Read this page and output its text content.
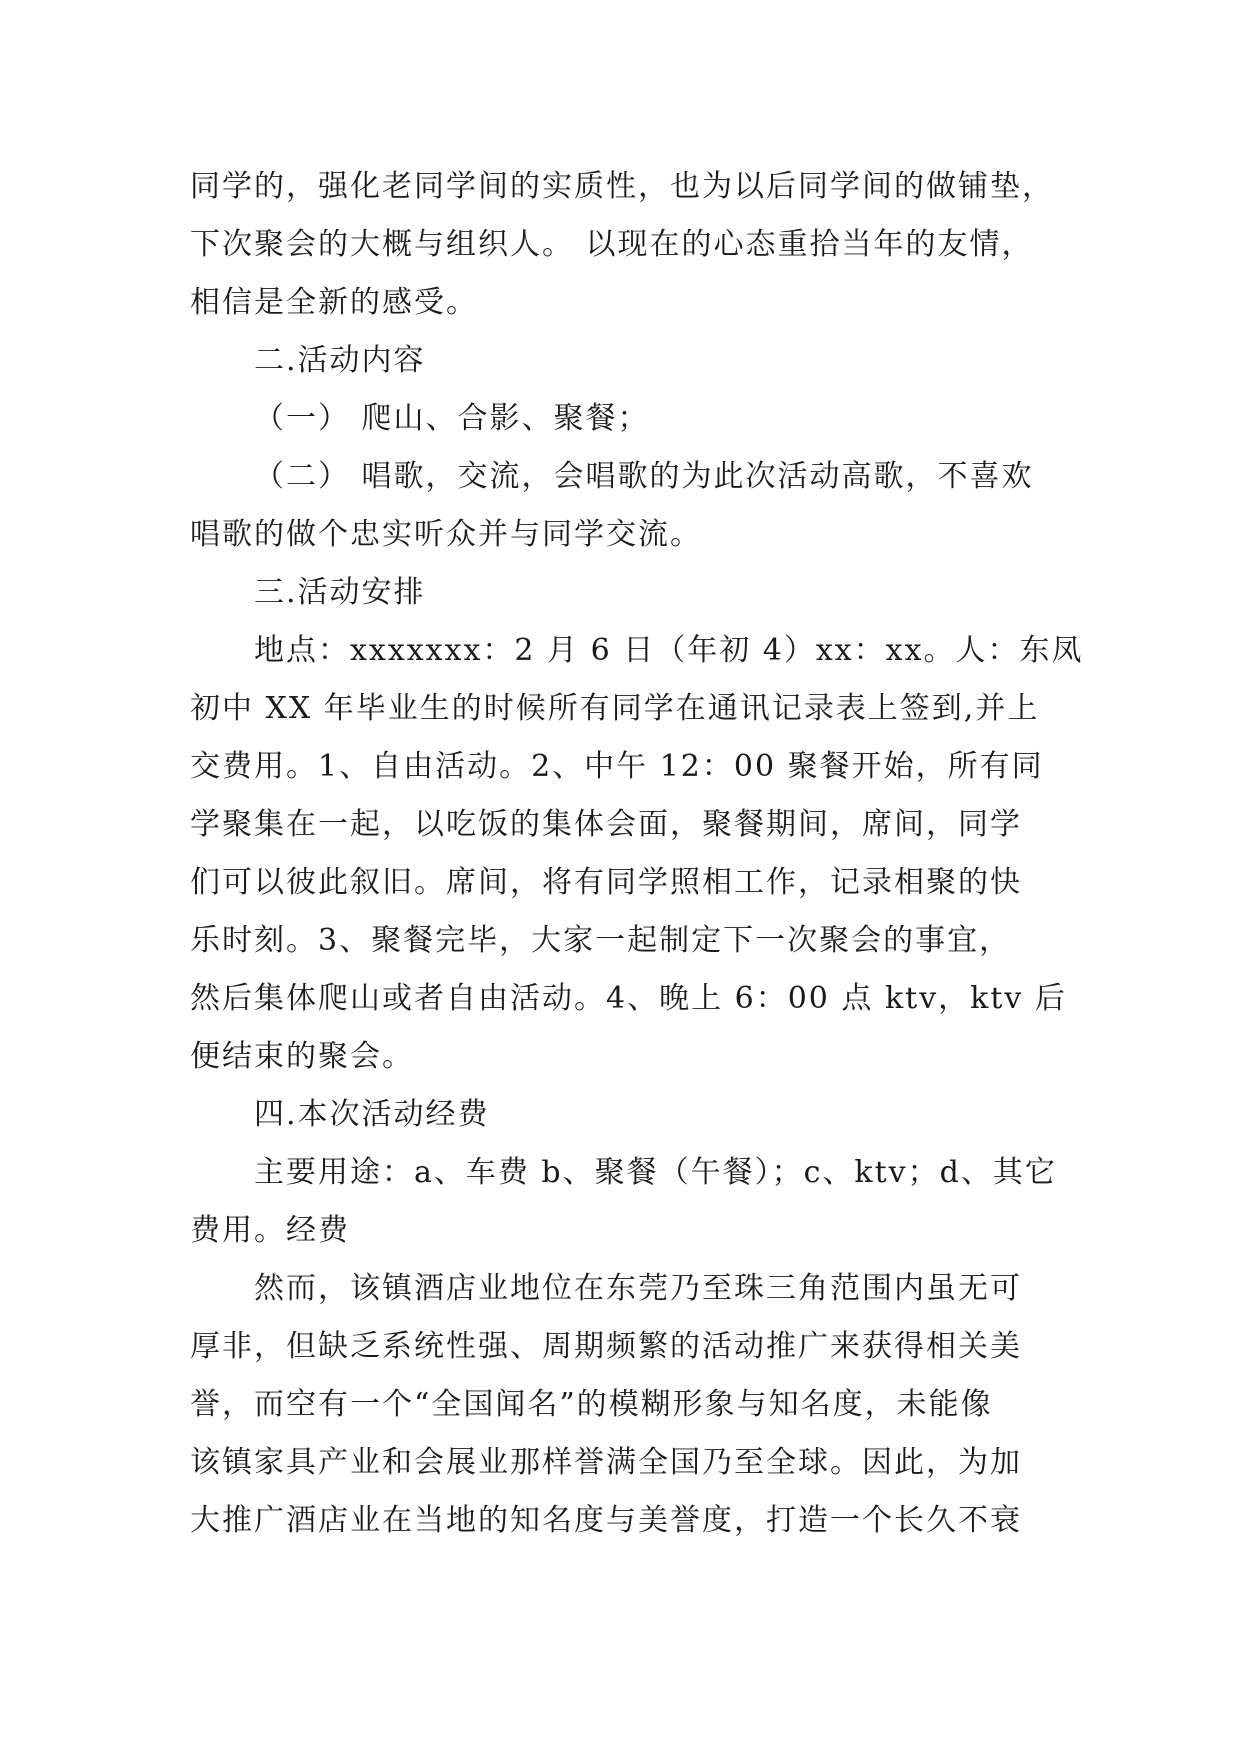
同学的，强化老同学间的实质性，也为以后同学间的做铺垫，
下次聚会的大概与组织人。 以现在的心态重拾当年的友情，
相信是全新的感受。
二.活动内容
（一） 爬山、合影、聚餐；
（二） 唱歌，交流，会唱歌的为此次活动高歌，不喜欢
唱歌的做个忠实听众并与同学交流。
三.活动安排
地点：xxxxxxx：2 月 6 日（年初 4）xx：xx。人：东凤
初中 XX 年毕业生的时候所有同学在通讯记录表上签到,并上
交费用。1、自由活动。2、中午 12：00 聚餐开始，所有同
学聚集在一起，以吃饭的集体会面，聚餐期间，席间，同学
们可以彼此叙旧。席间，将有同学照相工作，记录相聚的快
乐时刻。3、聚餐完毕，大家一起制定下一次聚会的事宜，
然后集体爬山或者自由活动。4、晚上 6：00 点 ktv，ktv 后
便结束的聚会。
四.本次活动经费
主要用途：a、车费 b、聚餐（午餐）；c、ktv；d、其它
费用。经费
然而，该镇酒店业地位在东莞乃至珠三角范围内虽无可
厚非，但缺乏系统性强、周期频繁的活动推广来获得相关美
誉，而空有一个“全国闻名”的模糊形象与知名度，未能像
该镇家具产业和会展业那样誉满全国乃至全球。因此，为加
大推广酒店业在当地的知名度与美誉度，打造一个长久不衰
